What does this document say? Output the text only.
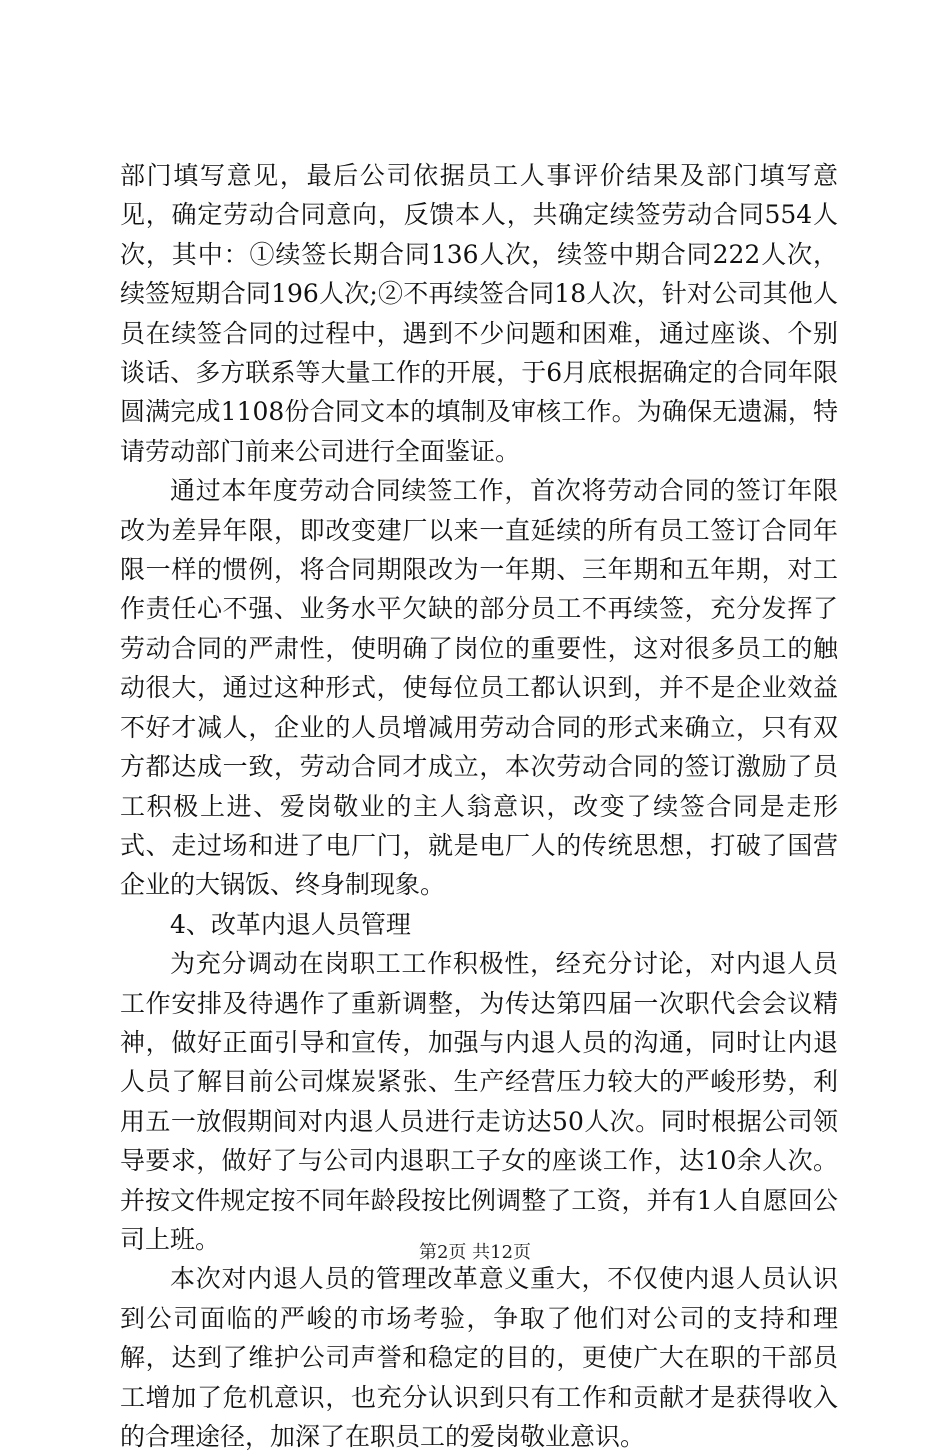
部门填写意见，最后公司依据员工人事评价结果及部门填写意见，确定劳动合同意向，反馈本人，共确定续签劳动合同554人次，其中：①续签长期合同136人次，续签中期合同222人次，续签短期合同196人次;②不再续签合同18人次，针对公司其他人员在续签合同的过程中，遇到不少问题和困难，通过座谈、个别谈话、多方联系等大量工作的开展，于6月底根据确定的合同年限圆满完成1108份合同文本的填制及审核工作。为确保无遗漏，特请劳动部门前来公司进行全面鉴证。

通过本年度劳动合同续签工作，首次将劳动合同的签订年限改为差异年限，即改变建厂以来一直延续的所有员工签订合同年限一样的惯例，将合同期限改为一年期、三年期和五年期，对工作责任心不强、业务水平欠缺的部分员工不再续签，充分发挥了劳动合同的严肃性，使明确了岗位的重要性，这对很多员工的触动很大，通过这种形式，使每位员工都认识到，并不是企业效益不好才减人，企业的人员增减用劳动合同的形式来确立，只有双方都达成一致，劳动合同才成立，本次劳动合同的签订激励了员工积极上进、爱岗敬业的主人翁意识，改变了续签合同是走形式、走过场和进了电厂门，就是电厂人的传统思想，打破了国营企业的大锅饭、终身制现象。

4、改革内退人员管理

为充分调动在岗职工工作积极性，经充分讨论，对内退人员工作安排及待遇作了重新调整，为传达第四届一次职代会会议精神，做好正面引导和宣传，加强与内退人员的沟通，同时让内退人员了解目前公司煤炭紧张、生产经营压力较大的严峻形势，利用五一放假期间对内退人员进行走访达50人次。同时根据公司领导要求，做好了与公司内退职工子女的座谈工作，达10余人次。并按文件规定按不同年龄段按比例调整了工资，并有1人自愿回公司上班。

本次对内退人员的管理改革意义重大，不仅使内退人员认识到公司面临的严峻的市场考验，争取了他们对公司的支持和理解，达到了维护公司声誉和稳定的目的，更使广大在职的干部员工增加了危机意识，也充分认识到只有工作和贡献才是获得收入的合理途径，加深了在职员工的爱岗敬业意识。

第2页 共12页
